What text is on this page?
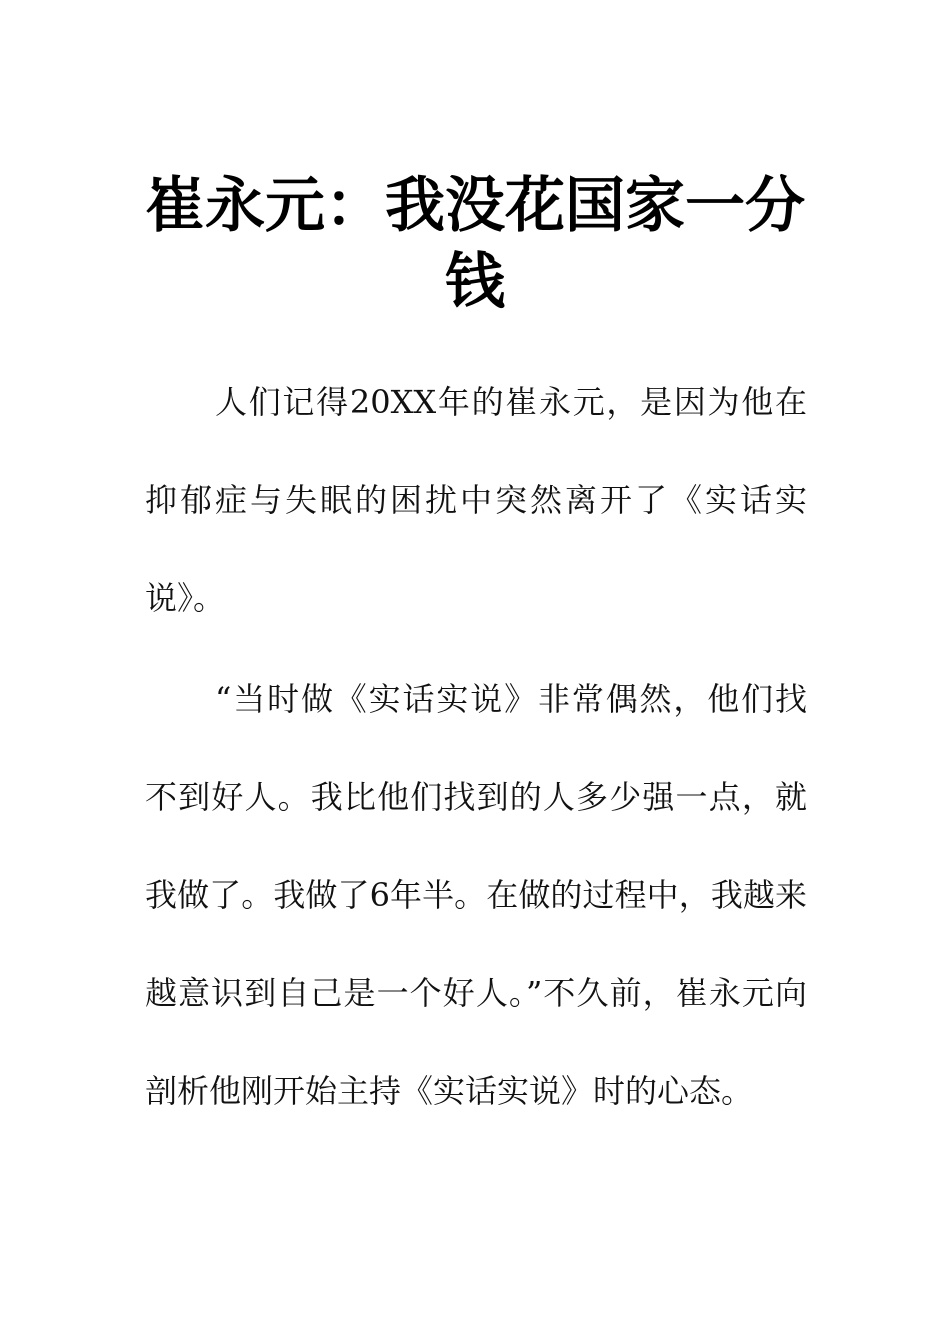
崔永元：我没花国家一分钱

人们记得20XX年的崔永元，是因为他在抑郁症与失眠的困扰中突然离开了《实话实说》。

“当时做《实话实说》非常偶然，他们找不到好人。我比他们找到的人多少强一点，就我做了。我做了6年半。在做的过程中，我越来越意识到自己是一个好人。”不久前，崔永元向剖析他刚开始主持《实话实说》时的心态。
